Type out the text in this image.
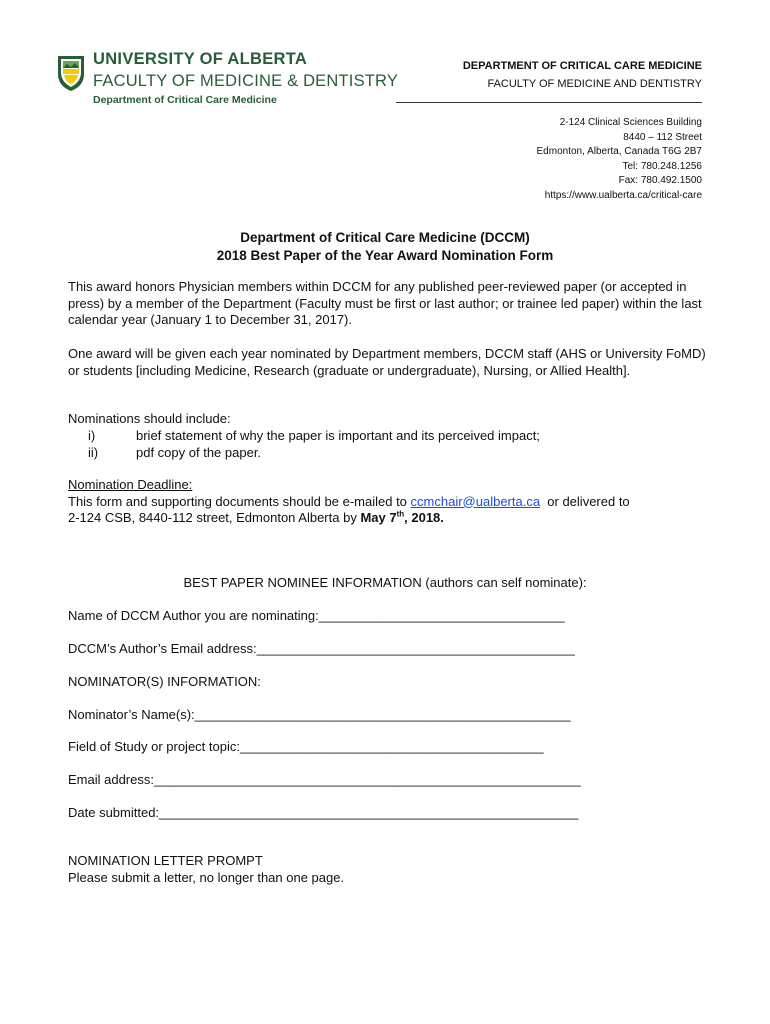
UNIVERSITY OF ALBERTA
FACULTY OF MEDICINE & DENTISTRY
Department of Critical Care Medicine
DEPARTMENT OF CRITICAL CARE MEDICINE
FACULTY OF MEDICINE AND DENTISTRY
2-124 Clinical Sciences Building
8440 – 112 Street
Edmonton, Alberta, Canada T6G 2B7
Tel: 780.248.1256
Fax: 780.492.1500
https://www.ualberta.ca/critical-care
Department of Critical Care Medicine (DCCM)
2018 Best Paper of the Year Award Nomination Form
This award honors Physician members within DCCM for any published peer-reviewed paper (or accepted in press) by a member of the Department (Faculty must be first or last author; or trainee led paper) within the last calendar year (January 1 to December 31, 2017).
One award will be given each year nominated by Department members, DCCM staff (AHS or University FoMD) or students [including Medicine, Research (graduate or undergraduate), Nursing, or Allied Health].
Nominations should include:
i)	brief statement of why the paper is important and its perceived impact;
ii)	pdf copy of the paper.
Nomination Deadline:
This form and supporting documents should be e-mailed to ccmchair@ualberta.ca  or delivered to
2-124 CSB, 8440-112 street, Edmonton Alberta by May 7th, 2018.
BEST PAPER NOMINEE INFORMATION (authors can self nominate):
Name of DCCM Author you are nominating:__________________________________
DCCM’s Author’s Email address:____________________________________________
NOMINATOR(S) INFORMATION:
Nominator’s Name(s):____________________________________________________
Field of Study or project topic:__________________________________________
Email address:___________________________________________________________
Date submitted:__________________________________________________________
NOMINATION LETTER PROMPT
Please submit a letter, no longer than one page.
